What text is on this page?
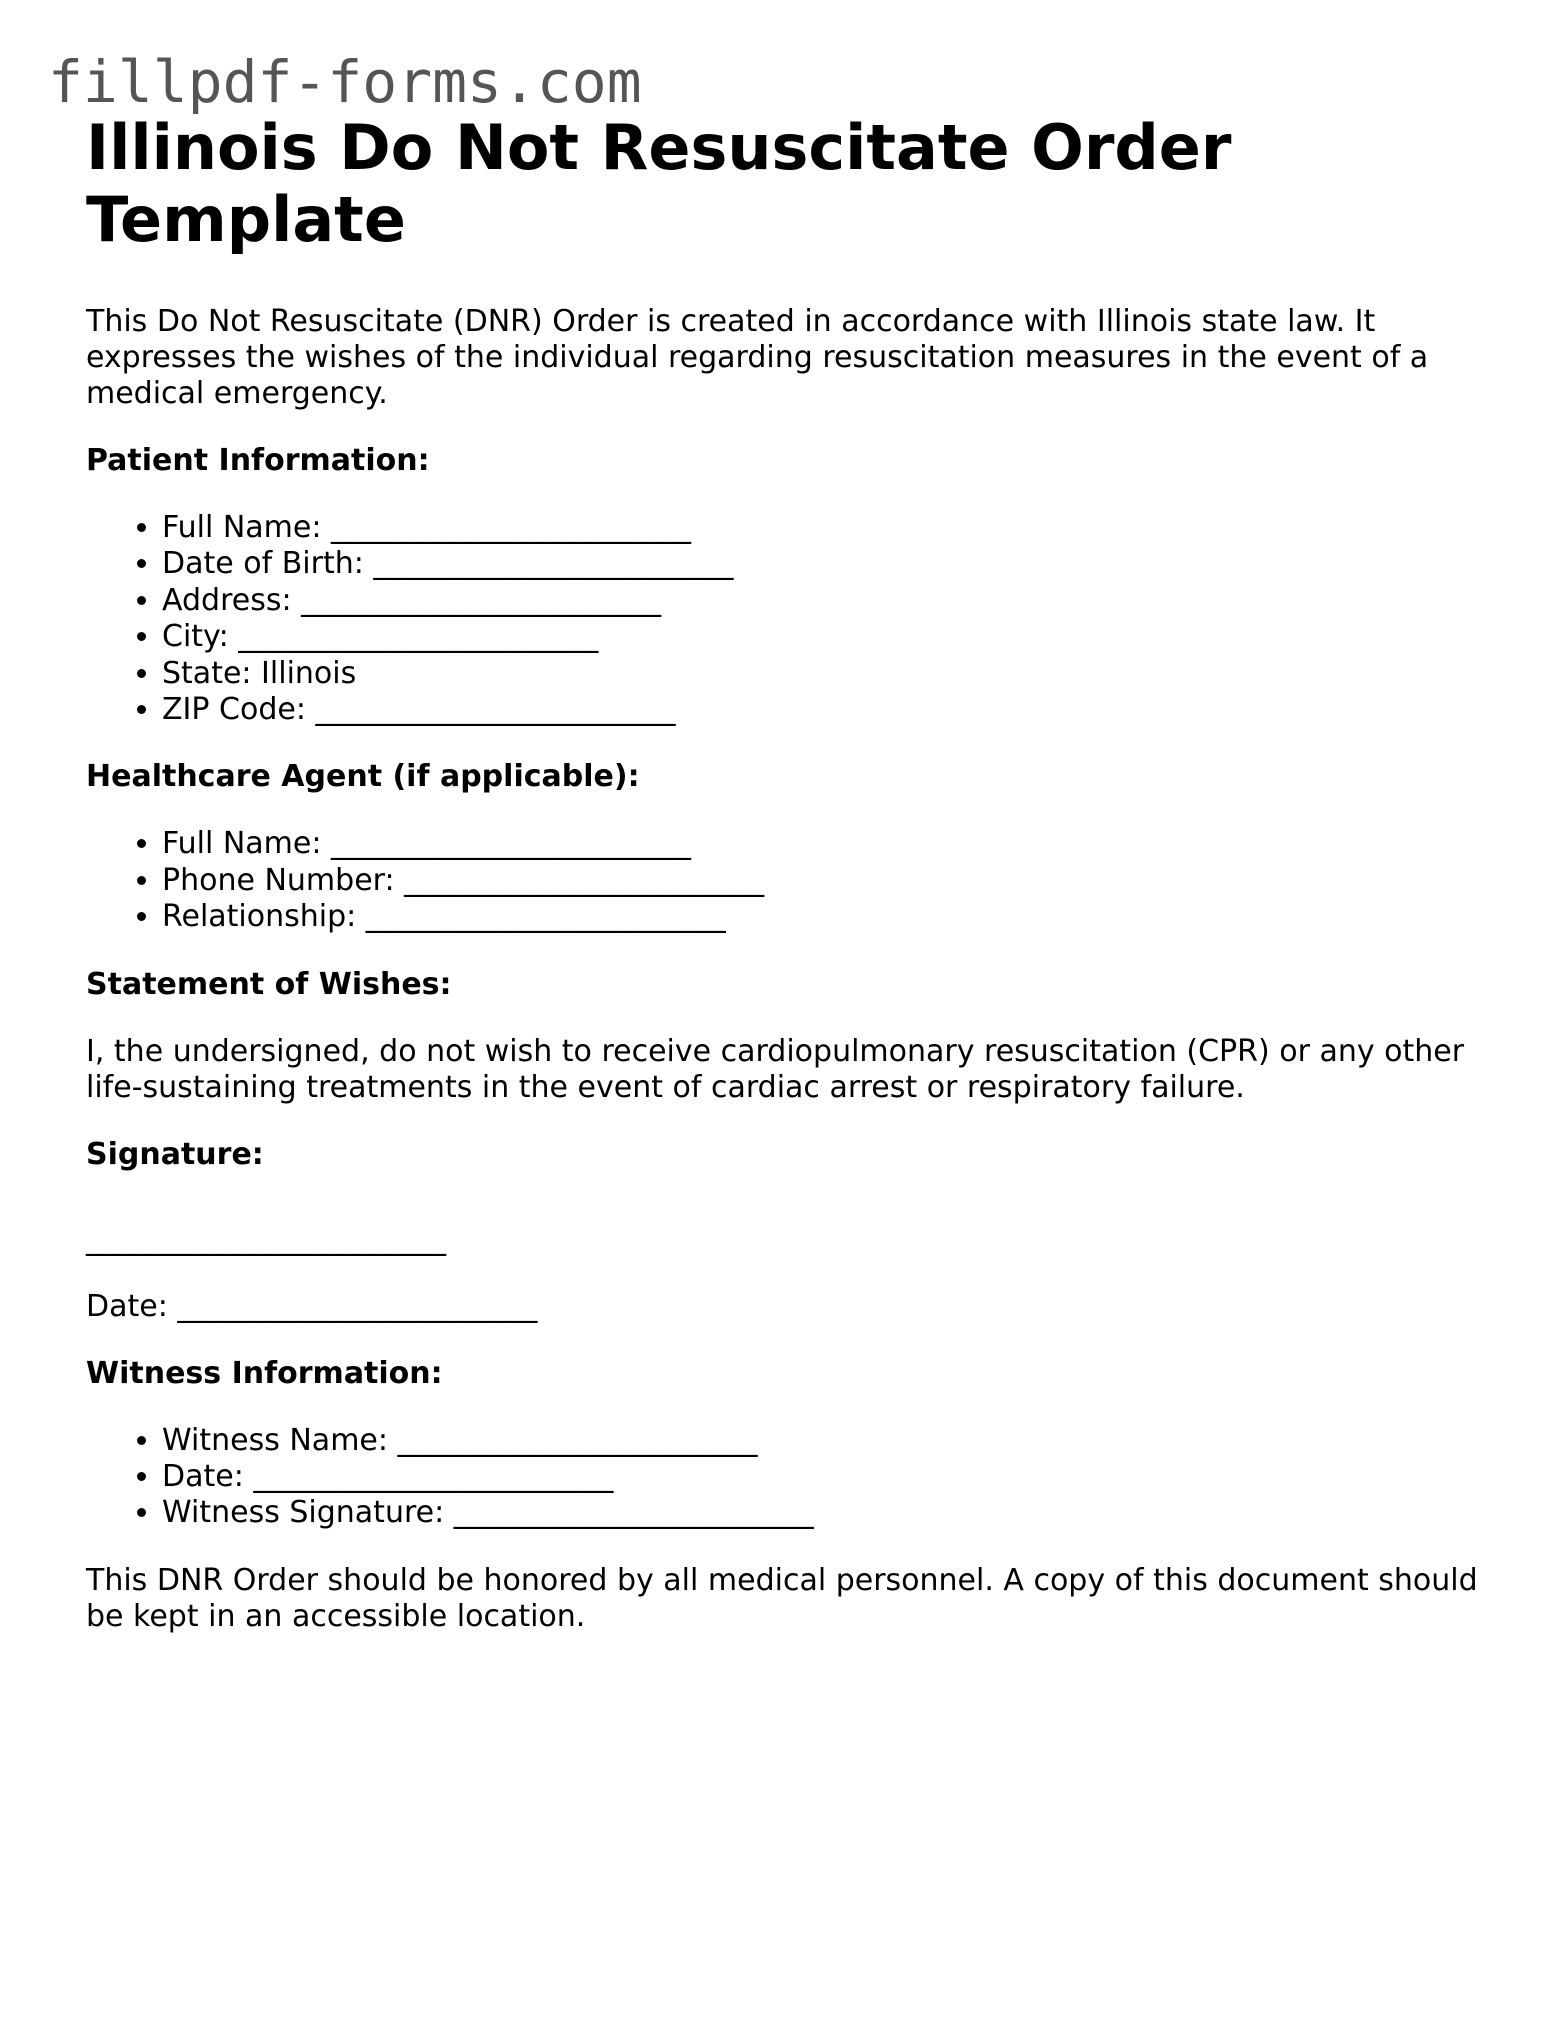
fillpdf-forms.com
Illinois Do Not Resuscitate Order Template

This Do Not Resuscitate (DNR) Order is created in accordance with Illinois state law. It expresses the wishes of the individual regarding resuscitation measures in the event of a medical emergency.

Patient Information:

• Full Name: ________________________
• Date of Birth: ________________________
• Address: ________________________
• City: ________________________
• State: Illinois
• ZIP Code: ________________________

Healthcare Agent (if applicable):

• Full Name: ________________________
• Phone Number: ________________________
• Relationship: ________________________

Statement of Wishes:

I, the undersigned, do not wish to receive cardiopulmonary resuscitation (CPR) or any other life-sustaining treatments in the event of cardiac arrest or respiratory failure.

Signature:

________________________

Date: ________________________

Witness Information:

• Witness Name: ________________________
• Date: ________________________
• Witness Signature: ________________________

This DNR Order should be honored by all medical personnel. A copy of this document should be kept in an accessible location.
